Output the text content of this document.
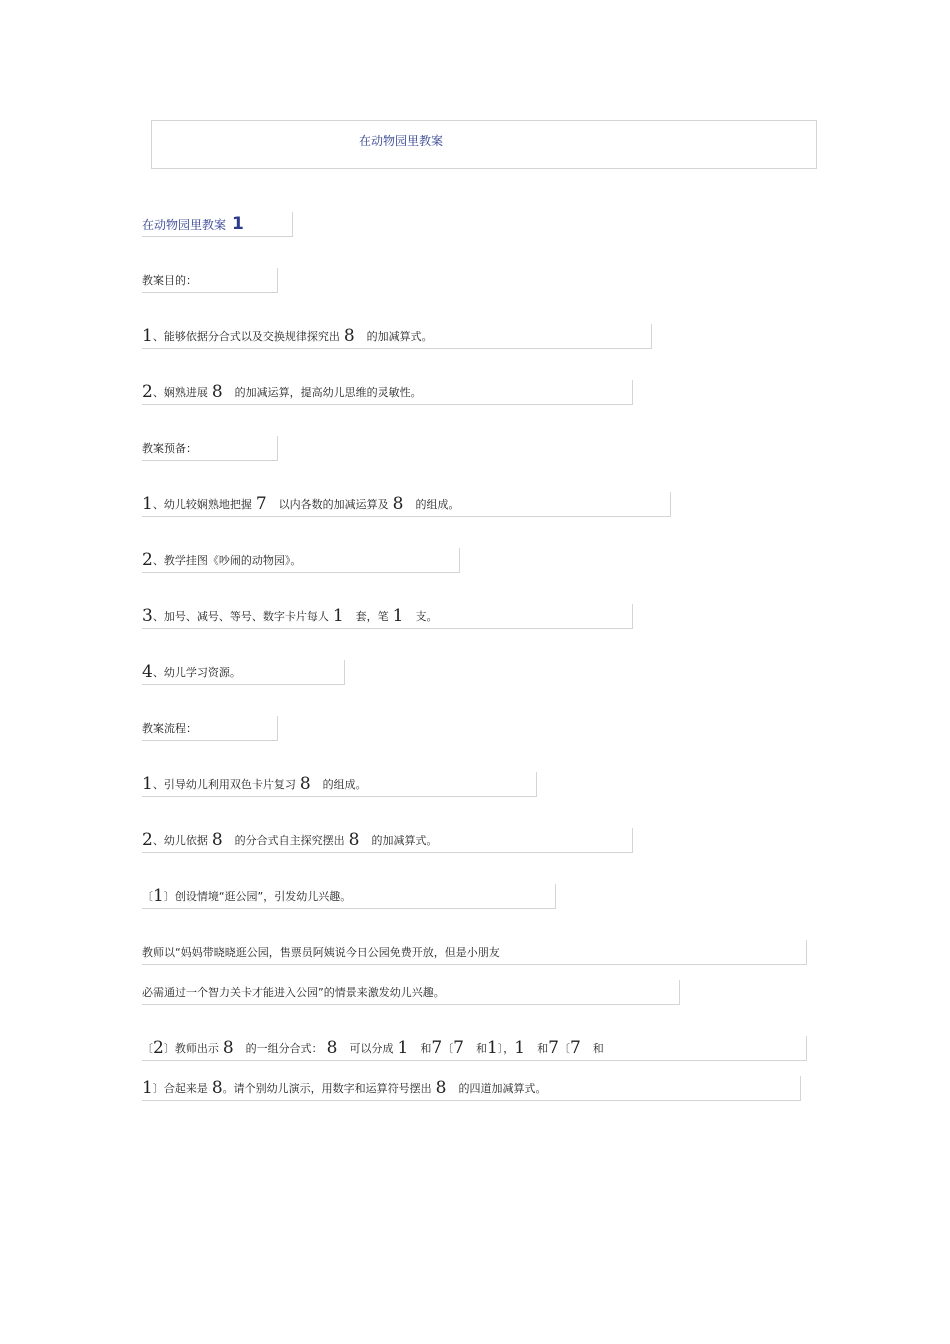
在动物园里教案
在动物园里教案 1
教案目的：
1、能够依据分合式以及交换规律探究出 8 的加减算式。
2、娴熟进展 8 的加减运算，提高幼儿思维的灵敏性。
教案预备：
1、幼儿较娴熟地把握 7 以内各数的加减运算及 8 的组成。
2、教学挂图《吵闹的动物园》。
3、加号、减号、等号、数字卡片每人 1 套，笔 1 支。
4、幼儿学习资源。
教案流程：
1、引导幼儿利用双色卡片复习 8 的组成。
2、幼儿依据 8 的分合式自主探究摆出 8 的加减算式。
〔1〕创设情境“逛公园”，引发幼儿兴趣。
教师以“妈妈带晓晓逛公园，售票员阿姨说今日公园免费开放，但是小朋友
必需通过一个智力关卡才能进入公园”的情景来激发幼儿兴趣。
〔2〕教师出示 8 的一组分合式： 8 可以分成 1 和7〔7 和1〕，1 和7〔7 和
1〕合起来是 8。请个别幼儿演示，用数字和运算符号摆出 8 的四道加减算式。
